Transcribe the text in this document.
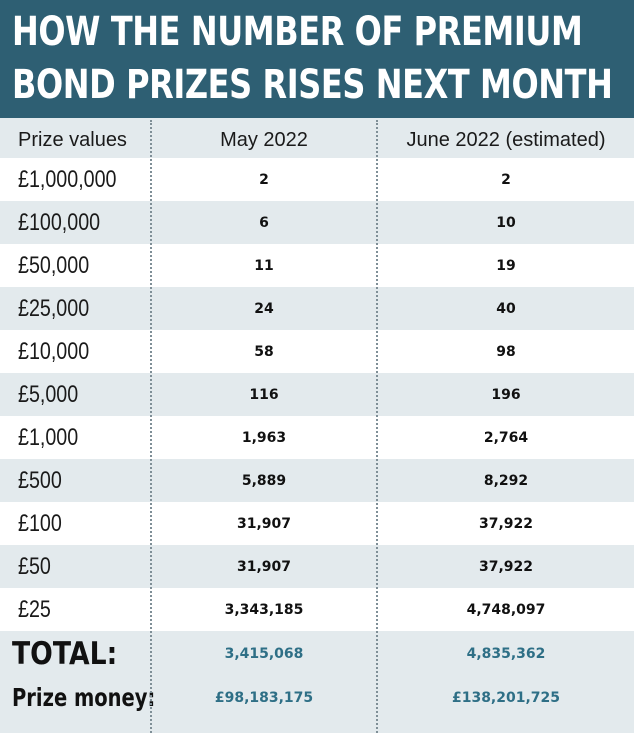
HOW THE NUMBER OF PREMIUM
BOND PRIZES RISES NEXT MONTH
Prize values	May 2022	June 2022 (estimated)
£1,000,000	2	2
£100,000	6	10
£50,000	11	19
£25,000	24	40
£10,000	58	98
£5,000	116	196
£1,000	1,963	2,764
£500	5,889	8,292
£100	31,907	37,922
£50	31,907	37,922
£25	3,343,185	4,748,097
TOTAL:	3,415,068	4,835,362
Prize money:	£98,183,175	£138,201,725
